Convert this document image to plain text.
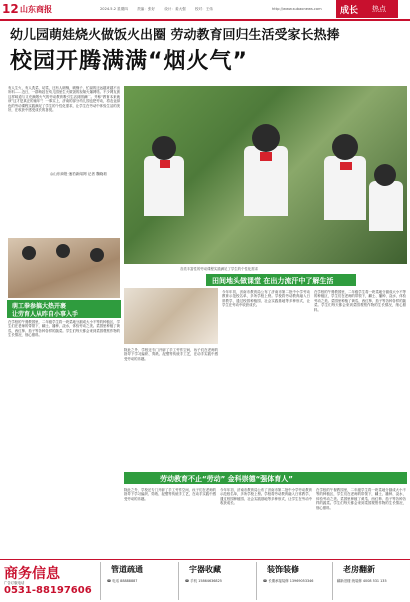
12 山东商报	2024.5.2 星期四	责编：张好	设计：姜大强	校对：王伟	http://www.subaonews.com 成长 热点
幼儿园萌娃烧火做饭火出圈 劳动教育回归生活受家长热捧
校园开腾满满“烟火气”
有人生火，有人洗菜、切菜，还有人刷锅，刷锅子，忙碌的还远越来越不出所料……近日，一群萌娃在幼儿园里生火做饭的视频火爆网络。不少网友被这样味道与又充满烟火气的劳动教育吸引生活到圆满厂。并称“教育本来就该”这才是真正的童年”！一事实上，济南的部分幼儿园也把劳动，将农业绿色的劳动课程实践满足了学生的个性化需求，让学生在劳动中体验生活的美好，在收获中感受成长的喜悦。
◎山东商报·速豹新闻网 记者 魏晓莉
各类丰富性的劳动课程实践满足了学生的个性化需求
田间地头做课堂 在出力流汗中了解生活
萌工拳参搞大热开裹
让劳育人从昨自小事入手
在学校的午餐教园里，二年级学生将一块菜地分割成大小不等的种植区，学生们在老师的带领下，翻土、播种、浇水，体验劳动之美。菜园里种植了黄瓜、西红柿、茄子等各种各样的蔬菜。学生们每天都会来到菜园观察作物的生长情况，细心照料。
除此之外，学校还专门开辟了手工劳作空间，孩子们在老师的指导下学习编织、剪纸、泥塑等传统手工艺，在动手实践中感受劳动的乐趣。
今年年初，济南市教育局公布了济南市第二批中小学劳动教育示范校名单，多所学校上榜。学校将劳动教育融入日常教学，通过校园种植园、社会实践基地等多种形式，让学生在劳动中收获成长。
在学校的午餐教园里，二年级学生将一块菜地分割成大小不等的种植区，学生们在老师的带领下，翻土、播种、浇水，体验劳动之美。菜园里种植了黄瓜、西红柿、茄子等各种各样的蔬菜。学生们每天都会来到菜园观察作物的生长情况，细心照料。
劳动教育不止“劳动” 金科崇德“强体育人”
除此之外，学校还专门开辟了手工劳作空间，孩子们在老师的指导下学习编织、剪纸、泥塑等传统手工艺，在动手实践中感受劳动的乐趣。
今年年初，济南市教育局公布了济南市第二批中小学劳动教育示范校名单，多所学校上榜。学校将劳动教育融入日常教学，通过校园种植园、社会实践基地等多种形式，让学生在劳动中收获成长。
在学校的午餐教园里，二年级学生将一块菜地分割成大小不等的种植区，学生们在老师的带领下，翻土、播种、浇水，体验劳动之美。菜园里种植了黄瓜、西红柿、茄子等各种各样的蔬菜。学生们每天都会来到菜园观察作物的生长情况，细心照料。
商务信息
广告订版电话
0531-88197606
管道疏通
☎ 电话 88888887
宇器收藏
☎ 手机 15864636825
装饰装修
☎ 长期承接装修 13969053346
老房翻新
翻新旧楼 统装修 4008 531 135
